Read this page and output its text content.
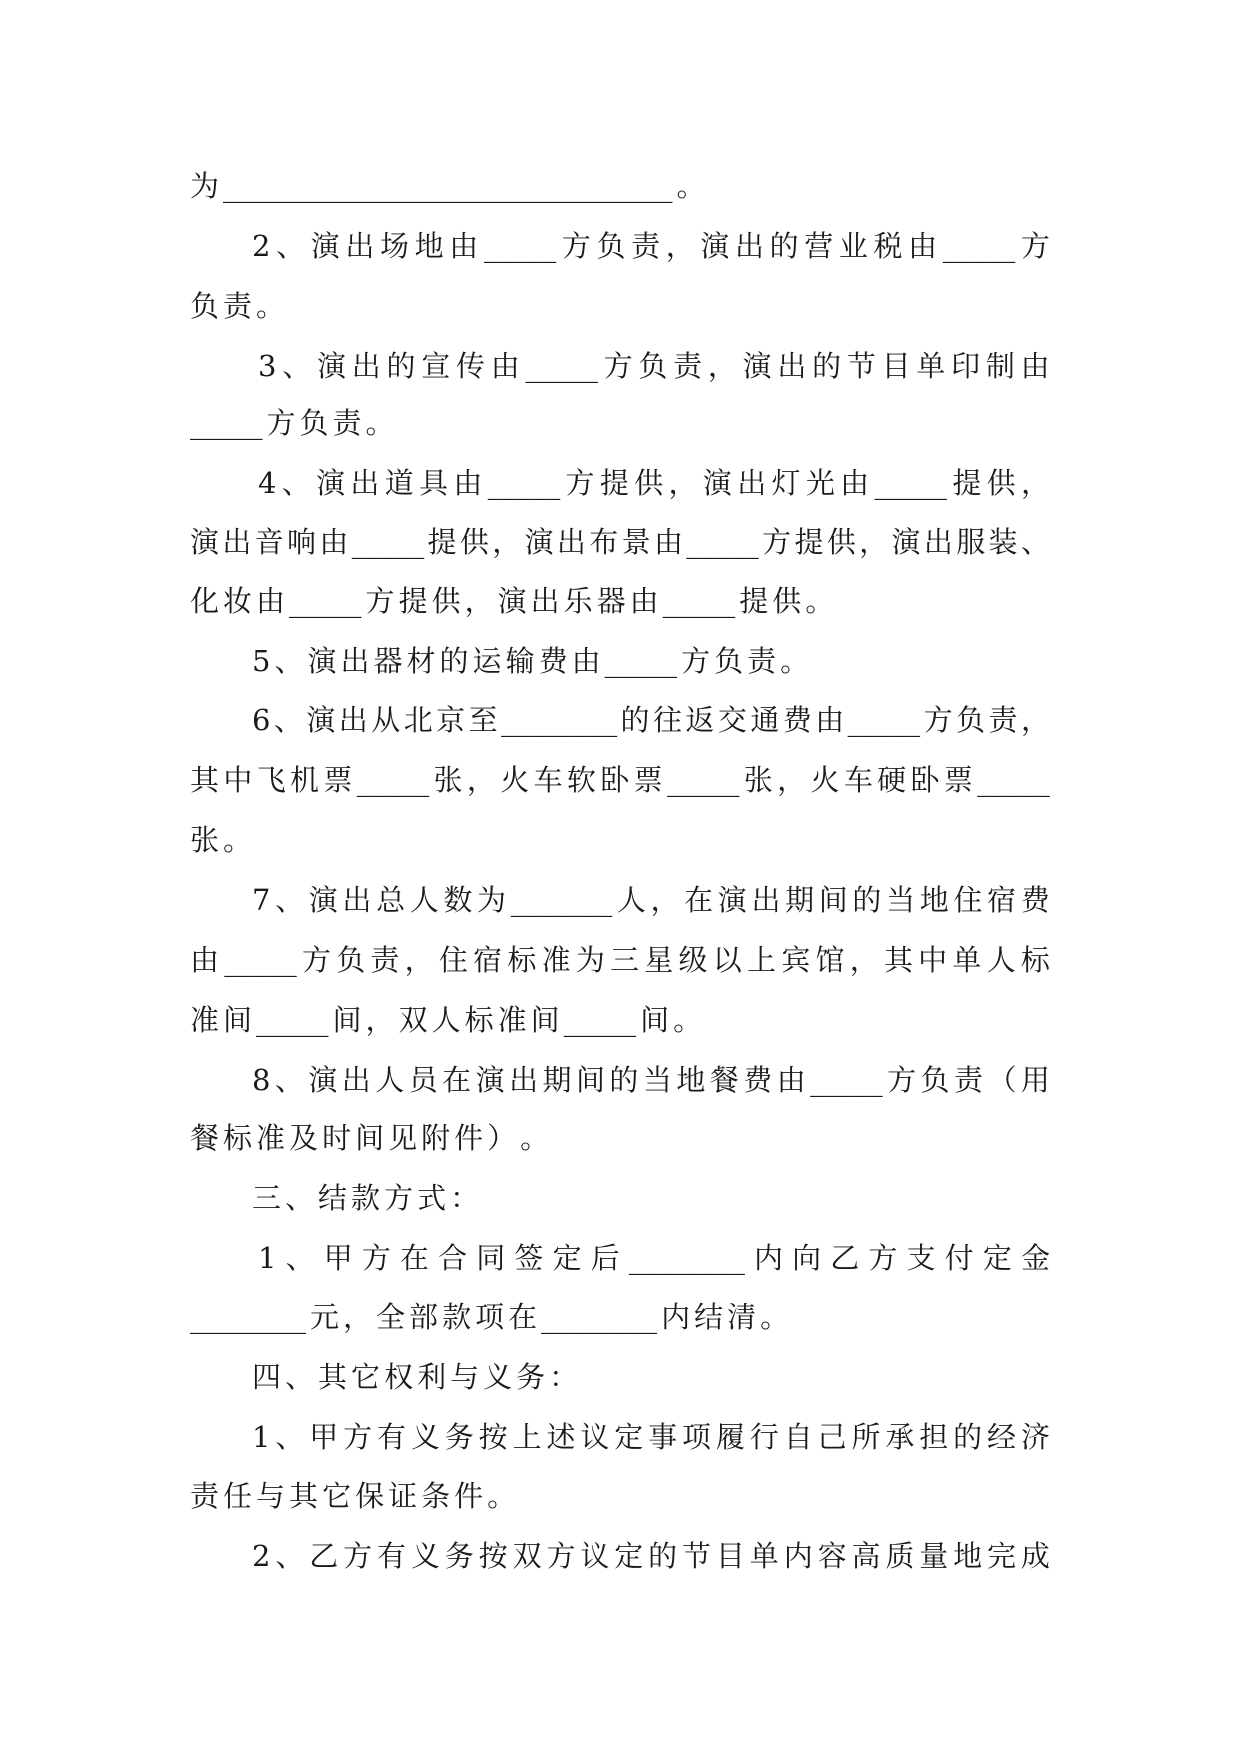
为 _______________________________ 。
2 、 演 出 场 地 由 _____ 方 负 责 ， 演 出 的 营 业 税 由 _____ 方
负 责 。
3 、 演 出 的 宣 传 由 _____ 方 负 责 ， 演 出 的 节 目 单 印 制 由
_____ 方 负 责 。
4 、 演 出 道 具 由 _____ 方 提 供 ， 演 出 灯 光 由 _____ 提 供 ，
演 出 音 响 由 _____ 提 供 ， 演 出 布 景 由 _____ 方 提 供 ， 演 出 服 装 、
化 妆 由 _____ 方 提 供 ， 演 出 乐 器 由 _____ 提 供 。
5 、 演 出 器 材 的 运 输 费 由 _____ 方 负 责 。
6 、 演 出 从 北 京 至 ________ 的 往 返 交 通 费 由 _____ 方 负 责 ，
其 中 飞 机 票 _____ 张 ， 火 车 软 卧 票 _____ 张 ， 火 车 硬 卧 票 _____
张 。
7 、 演 出 总 人 数 为 _______ 人 ， 在 演 出 期 间 的 当 地 住 宿 费
由 _____ 方 负 责 ， 住 宿 标 准 为 三 星 级 以 上 宾 馆 ， 其 中 单 人 标
准 间 _____ 间 ， 双 人 标 准 间 _____ 间 。
8 、 演 出 人 员 在 演 出 期 间 的 当 地 餐 费 由 _____ 方 负 责 （ 用
餐 标 准 及 时 间 见 附 件 ） 。
三 、 结 款 方 式 ：
1 、 甲 方 在 合 同 签 定 后 ________ 内 向 乙 方 支 付 定 金
________ 元 ， 全 部 款 项 在 ________ 内 结 清 。
四 、 其 它 权 利 与 义 务 ：
1 、 甲 方 有 义 务 按 上 述 议 定 事 项 履 行 自 己 所 承 担 的 经 济
责 任 与 其 它 保 证 条 件 。
2 、 乙 方 有 义 务 按 双 方 议 定 的 节 目 单 内 容 高 质 量 地 完 成
